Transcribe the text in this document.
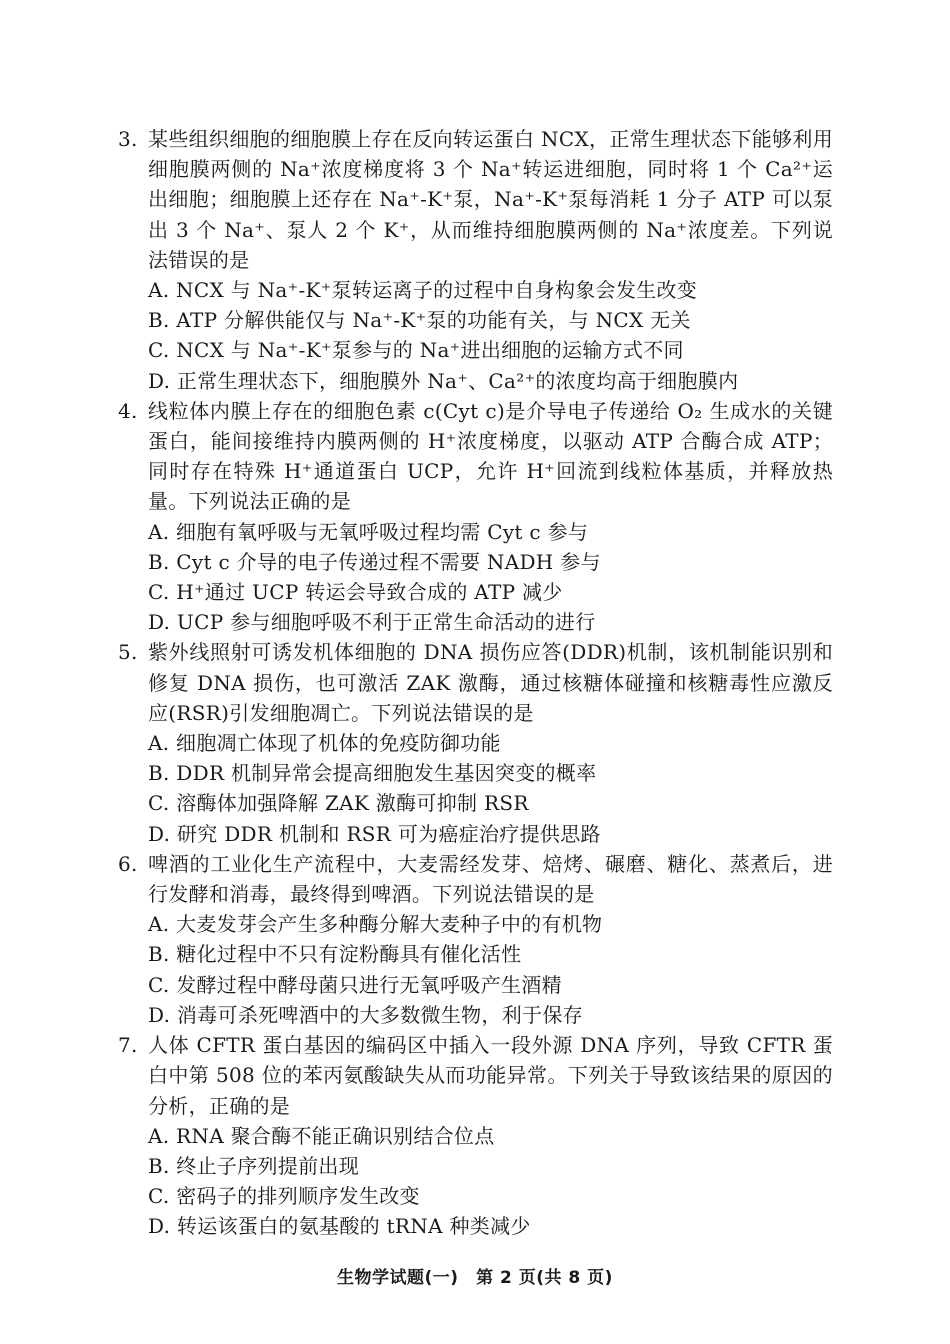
3. 某些组织细胞的细胞膜上存在反向转运蛋白 NCX，正常生理状态下能够利用细胞膜两侧的 Na⁺浓度梯度将 3 个 Na⁺转运进细胞，同时将 1 个 Ca²⁺运出细胞；细胞膜上还存在 Na⁺-K⁺泵，Na⁺-K⁺泵每消耗 1 分子 ATP 可以泵出 3 个 Na⁺、泵人 2 个 K⁺，从而维持细胞膜两侧的 Na⁺浓度差。下列说法错误的是
A. NCX 与 Na⁺-K⁺泵转运离子的过程中自身构象会发生改变
B. ATP 分解供能仅与 Na⁺-K⁺泵的功能有关，与 NCX 无关
C. NCX 与 Na⁺-K⁺泵参与的 Na⁺进出细胞的运输方式不同
D. 正常生理状态下，细胞膜外 Na⁺、Ca²⁺的浓度均高于细胞膜内
4. 线粒体内膜上存在的细胞色素 c(Cyt c)是介导电子传递给 O₂ 生成水的关键蛋白，能间接维持内膜两侧的 H⁺浓度梯度，以驱动 ATP 合酶合成 ATP；同时存在特殊 H⁺通道蛋白 UCP，允许 H⁺回流到线粒体基质，并释放热量。下列说法正确的是
A. 细胞有氧呼吸与无氧呼吸过程均需 Cyt c 参与
B. Cyt c 介导的电子传递过程不需要 NADH 参与
C. H⁺通过 UCP 转运会导致合成的 ATP 减少
D. UCP 参与细胞呼吸不利于正常生命活动的进行
5. 紫外线照射可诱发机体细胞的 DNA 损伤应答(DDR)机制，该机制能识别和修复 DNA 损伤，也可激活 ZAK 激酶，通过核糖体碰撞和核糖毒性应激反应(RSR)引发细胞凋亡。下列说法错误的是
A. 细胞凋亡体现了机体的免疫防御功能
B. DDR 机制异常会提高细胞发生基因突变的概率
C. 溶酶体加强降解 ZAK 激酶可抑制 RSR
D. 研究 DDR 机制和 RSR 可为癌症治疗提供思路
6. 啤酒的工业化生产流程中，大麦需经发芽、焙烤、碾磨、糖化、蒸煮后，进行发酵和消毒，最终得到啤酒。下列说法错误的是
A. 大麦发芽会产生多种酶分解大麦种子中的有机物
B. 糖化过程中不只有淀粉酶具有催化活性
C. 发酵过程中酵母菌只进行无氧呼吸产生酒精
D. 消毒可杀死啤酒中的大多数微生物，利于保存
7. 人体 CFTR 蛋白基因的编码区中插入一段外源 DNA 序列，导致 CFTR 蛋白中第 508 位的苯丙氨酸缺失从而功能异常。下列关于导致该结果的原因的分析，正确的是
A. RNA 聚合酶不能正确识别结合位点
B. 终止子序列提前出现
C. 密码子的排列顺序发生改变
D. 转运该蛋白的氨基酸的 tRNA 种类减少
生物学试题(一)　第 2 页(共 8 页)
